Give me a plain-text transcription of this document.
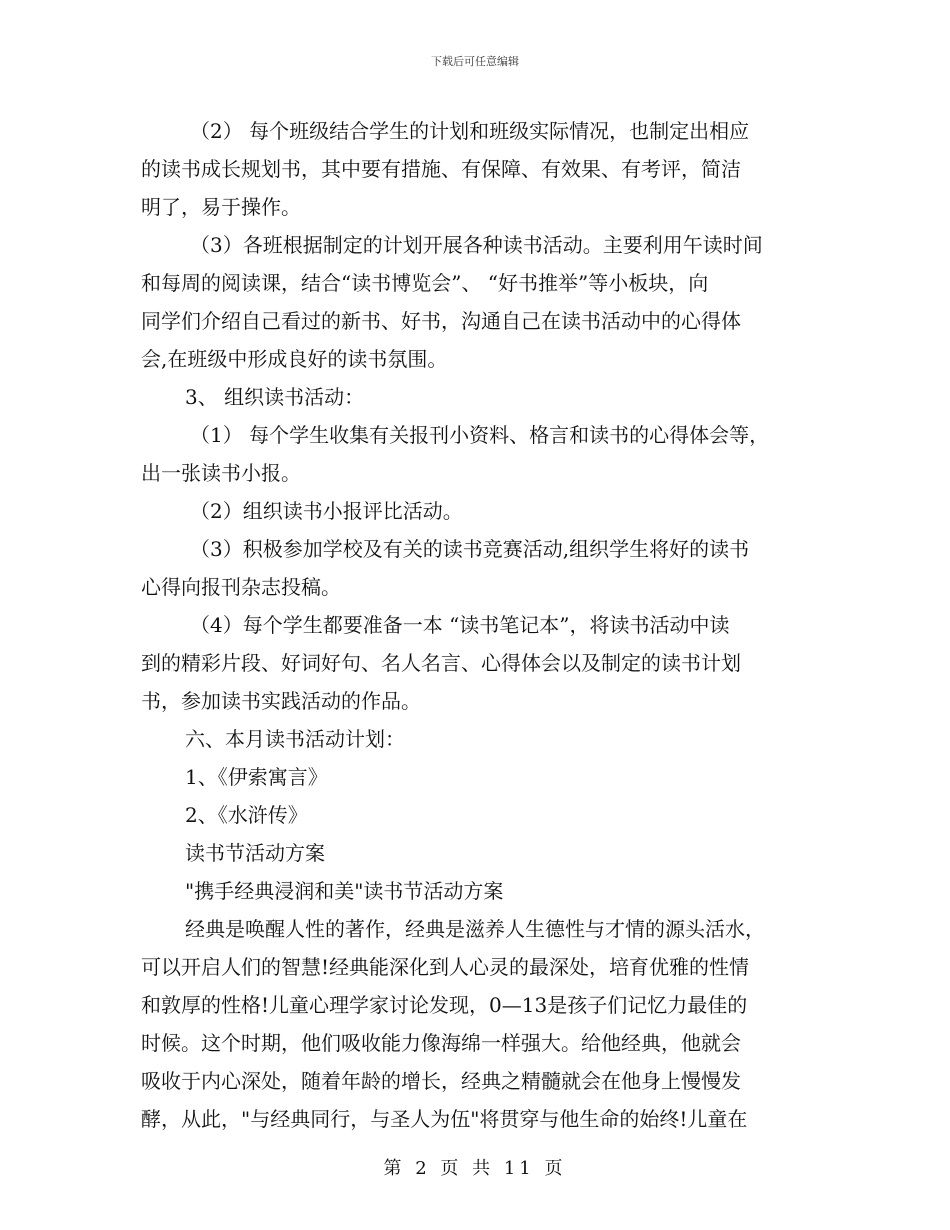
下载后可任意编辑
（2） 每个班级结合学生的计划和班级实际情况，也制定出相应
的读书成长规划书，其中要有措施、有保障、有效果、有考评，简洁
明了，易于操作。
（3）各班根据制定的计划开展各种读书活动。主要利用午读时间
和每周的阅读课，结合“读书博览会”、 “好书推举”等小板块，向
同学们介绍自己看过的新书、好书，沟通自己在读书活动中的心得体
会,在班级中形成良好的读书氛围。
3、 组织读书活动：
（1） 每个学生收集有关报刊小资料、格言和读书的心得体会等，
出一张读书小报。
（2）组织读书小报评比活动。
（3）积极参加学校及有关的读书竞赛活动,组织学生将好的读书
心得向报刊杂志投稿。
（4）每个学生都要准备一本 “读书笔记本”，将读书活动中读
到的精彩片段、好词好句、名人名言、心得体会以及制定的读书计划
书，参加读书实践活动的作品。
六、本月读书活动计划：
1、《伊索寓言》
2、《水浒传》
读书节活动方案
"携手经典浸润和美"读书节活动方案
经典是唤醒人性的著作，经典是滋养人生德性与才情的源头活水，
可以开启人们的智慧!经典能深化到人心灵的最深处，培育优雅的性情
和敦厚的性格!儿童心理学家讨论发现，0—13是孩子们记忆力最佳的
时候。这个时期，他们吸收能力像海绵一样强大。给他经典，他就会
吸收于内心深处，随着年龄的增长，经典之精髓就会在他身上慢慢发
酵，从此，"与经典同行，与圣人为伍"将贯穿与他生命的始终!儿童在
第 2 页 共 11 页
